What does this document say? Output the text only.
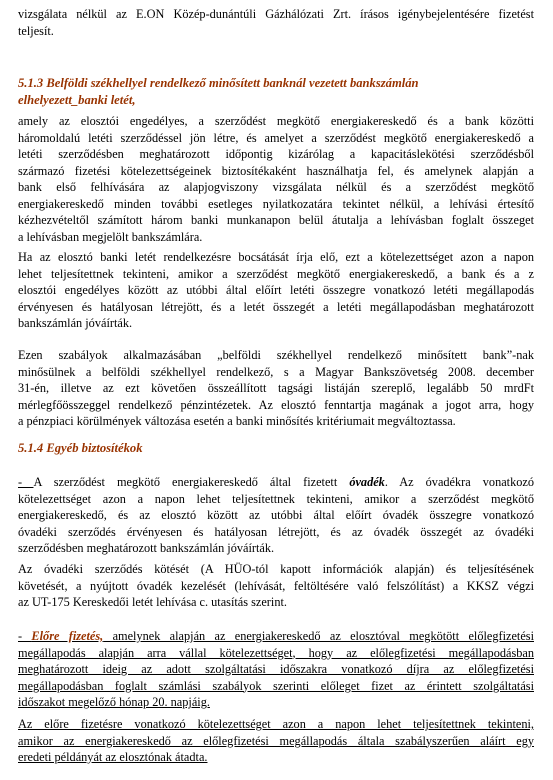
vizsgálata nélkül az E.ON Közép-dunántúli Gázhálózati Zrt. írásos igénybejelentésére fizetést
teljesít.
5.1.3 Belföldi székhellyel rendelkező minősített banknál vezetett bankszámlán
elhelyezett_banki letét,
amely az elosztói engedélyes, a szerződést megkötő energiakereskedő és a bank közötti
háromoldalú letéti szerződéssel jön létre, és amelyet a szerződést megkötő energiakereskedő a
letéti szerződésben meghatározott időpontig kizárólag a kapacitáslekötési szerződésből
származó fizetési kötelezettségeinek biztosítékaként használhatja fel, és amelynek alapján a
bank első felhívására az alapjogviszony vizsgálata nélkül és a szerződést megkötő
energiakereskedő minden további esetleges nyilatkozatára tekintet nélkül, a lehívási értesítő
kézhezvételtől számított három banki munkanapon belül átutalja a lehívásban foglalt összeget
a lehívásban megjelölt bankszámlára.
Ha az elosztó banki letét rendelkezésre bocsátását írja elő, ezt a kötelezettséget azon a napon
lehet teljesítettnek tekinteni, amikor a szerződést megkötő energiakereskedő, a bank és a z
elosztói engedélyes között az utóbbi által előírt letéti összegre vonatkozó letéti megállapodás
érvényesen és hatályosan létrejött, és a letét összegét a letéti megállapodásban meghatározott
bankszámlán jóváírták.
Ezen szabályok alkalmazásában „belföldi székhellyel rendelkező minősített bank”-nak
minősülnek a belföldi székhellyel rendelkező, s a Magyar Bankszövetség 2008. december
31-én, illetve az ezt követően összeállított tagsági listáján szereplő, legalább 50 mrdFt
mérlegfőösszeggel rendelkező pénzintézetek. Az elosztó fenntartja magának a jogot arra, hogy
a pénzpiaci körülmények változása esetén a banki minősítés kritériumait megváltoztassa.
5.1.4 Egyéb biztosítékok
- A szerződést megkötő energiakereskedő által fizetett óvadék. Az óvadékra vonatkozó
kötelezettséget azon a napon lehet teljesítettnek tekinteni, amikor a szerződést megkötő
energiakereskedő, és az elosztó között az utóbbi által előírt óvadék összegre vonatkozó
óvadéki szerződés érvényesen és hatályosan létrejött, és az óvadék összegét az óvadéki
szerződésben meghatározott bankszámlán jóváírták.
Az óvadéki szerződés kötését (A HÜO-tól kapott információk alapján) és teljesítésének
követését, a nyújtott óvadék kezelését (lehívását, feltöltésére való felszólítást) a KKSZ végzi
az UT-175 Kereskedői letét lehívása c. utasítás szerint.
- Előre fizetés, amelynek alapján az energiakereskedő az elosztóval megkötött előlegfizetési
megállapodás alapján arra vállal kötelezettséget, hogy az előlegfizetési megállapodásban
meghatározott ideig az adott szolgáltatási időszakra vonatkozó díjra az előlegfizetési
megállapodásban foglalt számlási szabályok szerinti előleget fizet az érintett szolgáltatási
időszakot megelőző hónap 20. napjáig.
Az előre fizetésre vonatkozó kötelezettséget azon a napon lehet teljesítettnek tekinteni,
amikor az energiakereskedő az előlegfizetési megállapodás általa szabályszerűen aláírt egy
eredeti példányát az elosztónak átadta.
